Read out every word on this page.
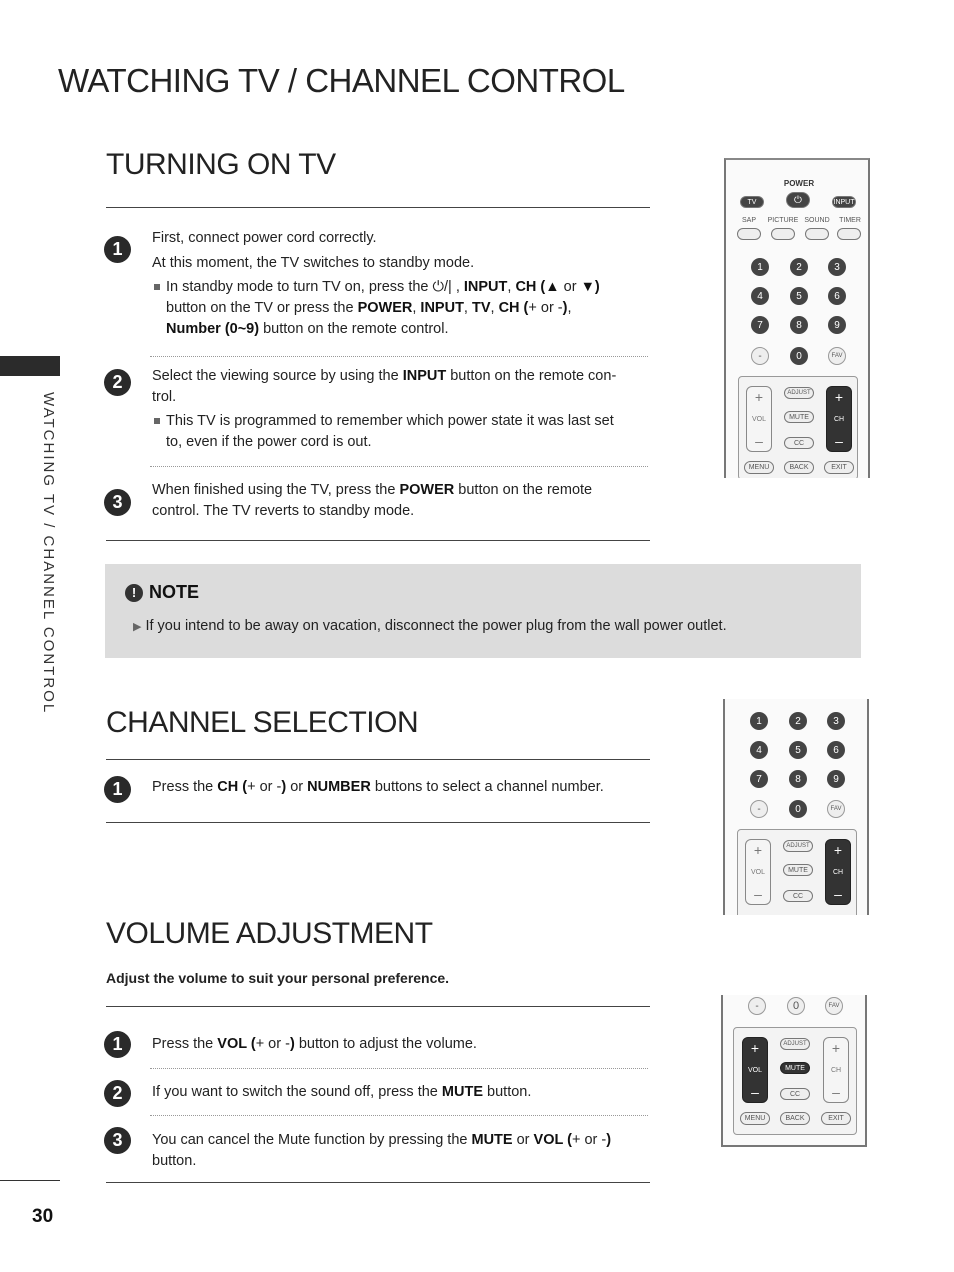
WATCHING TV / CHANNEL CONTROL
WATCHING TV / CHANNEL CONTROL
30
TURNING ON TV
1
First, connect power cord correctly.
At this moment, the TV switches to standby mode.
In standby mode to turn TV on, press the ⏻/| , INPUT, CH (▲ or ▼)
button on the TV or press the POWER, INPUT, TV, CH (+ or -),
Number (0~9) button on the remote control.
2	Select the viewing source by using the INPUT button on the remote con-
trol.
This TV is programmed to remember which power state it was last set
to, even if the power cord is out.
3
When finished using the TV, press the POWER button on the remote
control. The TV reverts to standby mode.
! NOTE
▶ If you intend to be away on vacation, disconnect the power plug from the wall power outlet.
CHANNEL SELECTION
1	Press the CH (+ or -) or NUMBER buttons to select a channel number.
VOLUME ADJUSTMENT
Adjust the volume to suit your personal preference.
1	Press the VOL (+ or -) button to adjust the volume.
2	If you want to switch the sound off, press the MUTE button.
3	You can cancel the Mute function by pressing the MUTE or VOL (+ or -)
button.
POWER
⏻
TV	INPUT
SAP	PICTURE SOUND	TIMER
1	2	3
4	5	6
7	8	9
-	0	FAV
+
VOL
–
+
CH
–
ADJUST
MUTE
CC
MENU	BACK	EXIT
1	2	3
4	5	6
7	8	9
-	0	FAV
+
VOL
–
+
CH
–
ADJUST
MUTE
CC
-	0	FAV
+
VOL
–
+
CH
–
ADJUST
MUTE
CC
MENU	BACK	EXIT
